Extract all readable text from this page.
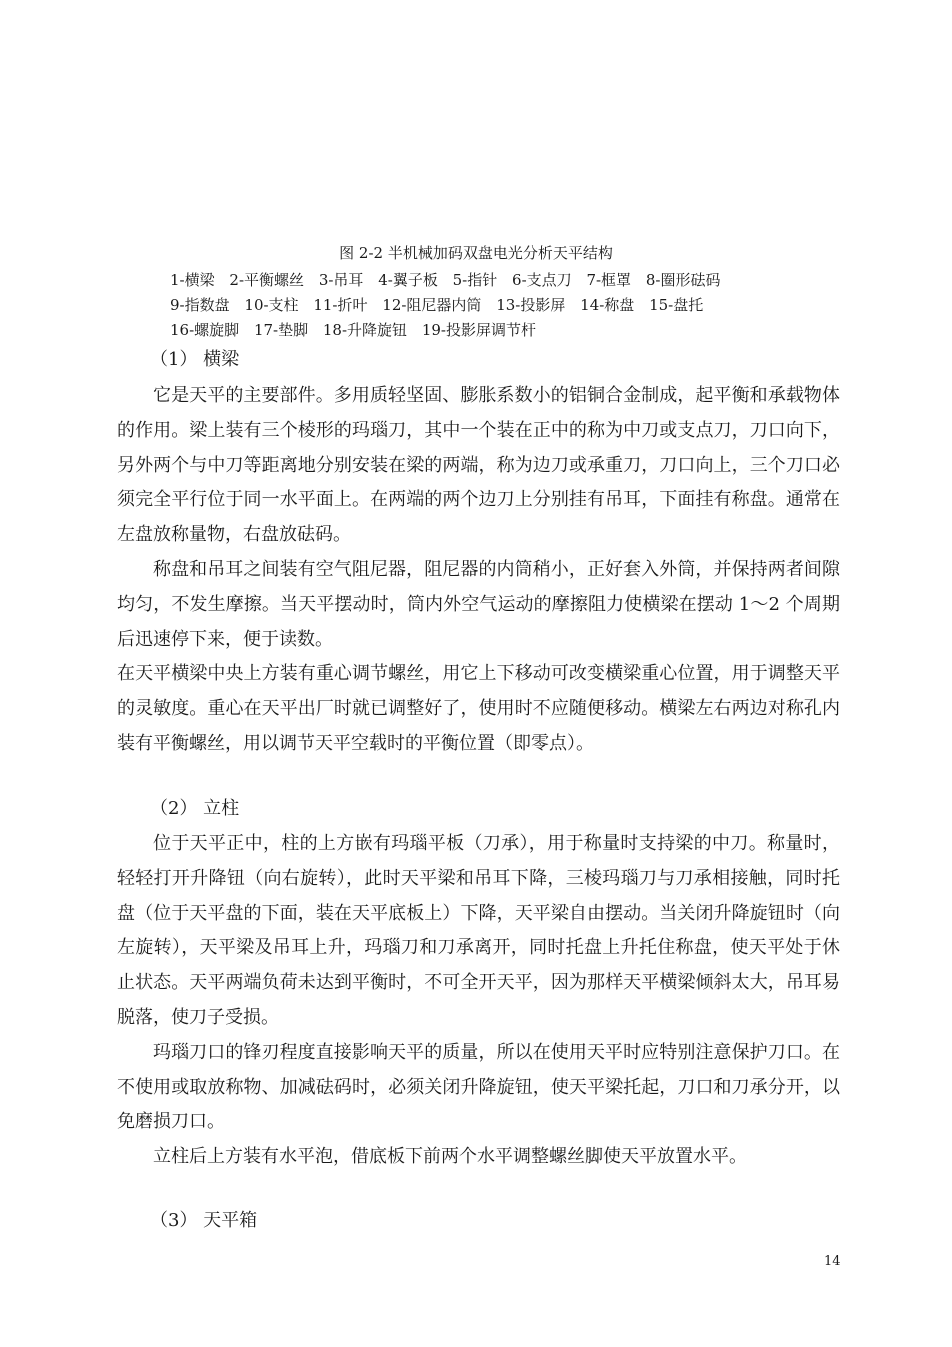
图 2-2 半机械加码双盘电光分析天平结构
1-横梁 2-平衡螺丝 3-吊耳 4-翼子板 5-指针 6-支点刀 7-框罩 8-圈形砝码
9-指数盘 10-支柱 11-折叶 12-阻尼器内筒 13-投影屏 14-称盘 15-盘托
16-螺旋脚 17-垫脚 18-升降旋钮 19-投影屏调节杆
（1） 横梁

它是天平的主要部件。多用质轻坚固、膨胀系数小的铝铜合金制成，起平衡和承载物体的作用。梁上装有三个棱形的玛瑙刀，其中一个装在正中的称为中刀或支点刀，刀口向下，另外两个与中刀等距离地分别安装在梁的两端，称为边刀或承重刀，刀口向上，三个刀口必须完全平行位于同一水平面上。在两端的两个边刀上分别挂有吊耳，下面挂有称盘。通常在左盘放称量物，右盘放砝码。

称盘和吊耳之间装有空气阻尼器，阻尼器的内筒稍小，正好套入外筒，并保持两者间隙均匀，不发生摩擦。当天平摆动时，筒内外空气运动的摩擦阻力使横梁在摆动 1～2 个周期后迅速停下来，便于读数。

在天平横梁中央上方装有重心调节螺丝，用它上下移动可改变横梁重心位置，用于调整天平的灵敏度。重心在天平出厂时就已调整好了，使用时不应随便移动。横梁左右两边对称孔内装有平衡螺丝，用以调节天平空载时的平衡位置（即零点）。

（2） 立柱

位于天平正中，柱的上方嵌有玛瑙平板（刀承），用于称量时支持梁的中刀。称量时，轻轻打开升降钮（向右旋转），此时天平梁和吊耳下降，三棱玛瑙刀与刀承相接触，同时托盘（位于天平盘的下面，装在天平底板上）下降，天平梁自由摆动。当关闭升降旋钮时（向左旋转），天平梁及吊耳上升，玛瑙刀和刀承离开，同时托盘上升托住称盘，使天平处于休止状态。天平两端负荷未达到平衡时，不可全开天平，因为那样天平横梁倾斜太大，吊耳易脱落，使刀子受损。

玛瑙刀口的锋刃程度直接影响天平的质量，所以在使用天平时应特别注意保护刀口。在不使用或取放称物、加减砝码时，必须关闭升降旋钮，使天平梁托起，刀口和刀承分开，以免磨损刀口。

立柱后上方装有水平泡，借底板下前两个水平调整螺丝脚使天平放置水平。

（3） 天平箱
14
